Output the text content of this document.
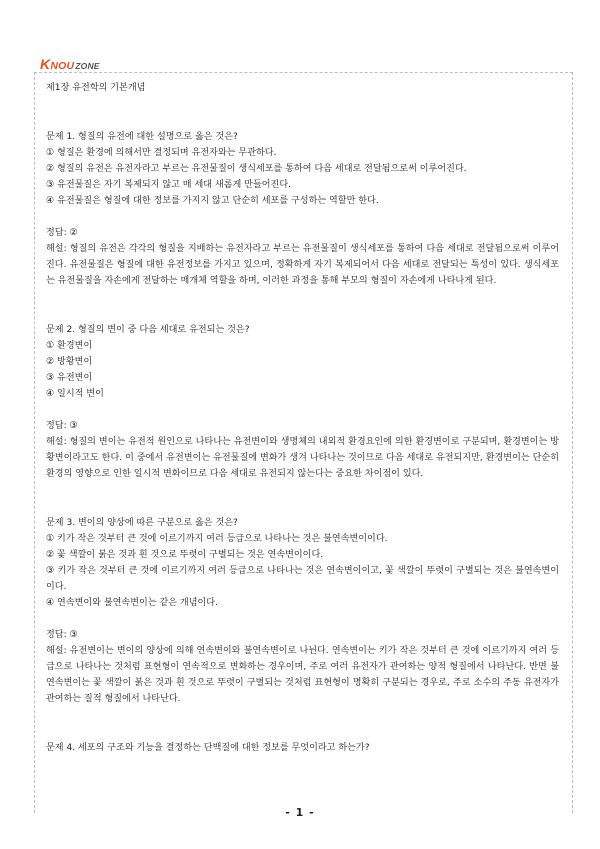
K NOU ZONE

제1장 유전학의 기본개념

문제 1. 형질의 유전에 대한 설명으로 옳은 것은?

① 형질은 환경에 의해서만 결정되며 유전자와는 무관하다.

② 형질의 유전은 유전자라고 부르는 유전물질이 생식세포를 통하여 다음 세대로 전달됨으로써 이루어진다.

③ 유전물질은 자기 복제되지 않고 매 세대 새롭게 만들어진다.

④ 유전물질은 형질에 대한 정보를 가지지 않고 단순히 세포를 구성하는 역할만 한다.

정답: ②

해설: 형질의 유전은 각각의 형질을 지배하는 유전자라고 부르는 유전물질이 생식세포를 통하여 다음 세대로 전달됨으로써 이루어진다. 유전물질은 형질에 대한 유전정보를 가지고 있으며, 정확하게 자기 복제되어서 다음 세대로 전달되는 특성이 있다. 생식세포는 유전물질을 자손에게 전달하는 매개체 역할을 하며, 이러한 과정을 통해 부모의 형질이 자손에게 나타나게 된다.

문제 2. 형질의 변이 중 다음 세대로 유전되는 것은?

① 환경변이

② 방황변이

③ 유전변이

④ 일시적 변이

정답: ③

해설: 형질의 변이는 유전적 원인으로 나타나는 유전변이와 생명체의 내외적 환경요인에 의한 환경변이로 구분되며, 환경변이는 방황변이라고도 한다. 이 중에서 유전변이는 유전물질에 변화가 생겨 나타나는 것이므로 다음 세대로 유전되지만, 환경변이는 단순히 환경의 영향으로 인한 일시적 변화이므로 다음 세대로 유전되지 않는다는 중요한 차이점이 있다.

문제 3. 변이의 양상에 따른 구분으로 옳은 것은?

① 키가 작은 것부터 큰 것에 이르기까지 여러 등급으로 나타나는 것은 불연속변이이다.

② 꽃 색깔이 붉은 것과 흰 것으로 뚜렷이 구별되는 것은 연속변이이다.

③ 키가 작은 것부터 큰 것에 이르기까지 여러 등급으로 나타나는 것은 연속변이이고, 꽃 색깔이 뚜렷이 구별되는 것은 불연속변이이다.

④ 연속변이와 불연속변이는 같은 개념이다.

정답: ③

해설: 유전변이는 변이의 양상에 의해 연속변이와 불연속변이로 나뉜다. 연속변이는 키가 작은 것부터 큰 것에 이르기까지 여러 등급으로 나타나는 것처럼 표현형이 연속적으로 변화하는 경우이며, 주로 여러 유전자가 관여하는 양적 형질에서 나타난다. 반면 불연속변이는 꽃 색깔이 붉은 것과 흰 것으로 뚜렷이 구별되는 것처럼 표현형이 명확히 구분되는 경우로, 주로 소수의 주동 유전자가 관여하는 질적 형질에서 나타난다.

문제 4. 세포의 구조와 기능을 결정하는 단백질에 대한 정보를 무엇이라고 하는가?

- 1 -
